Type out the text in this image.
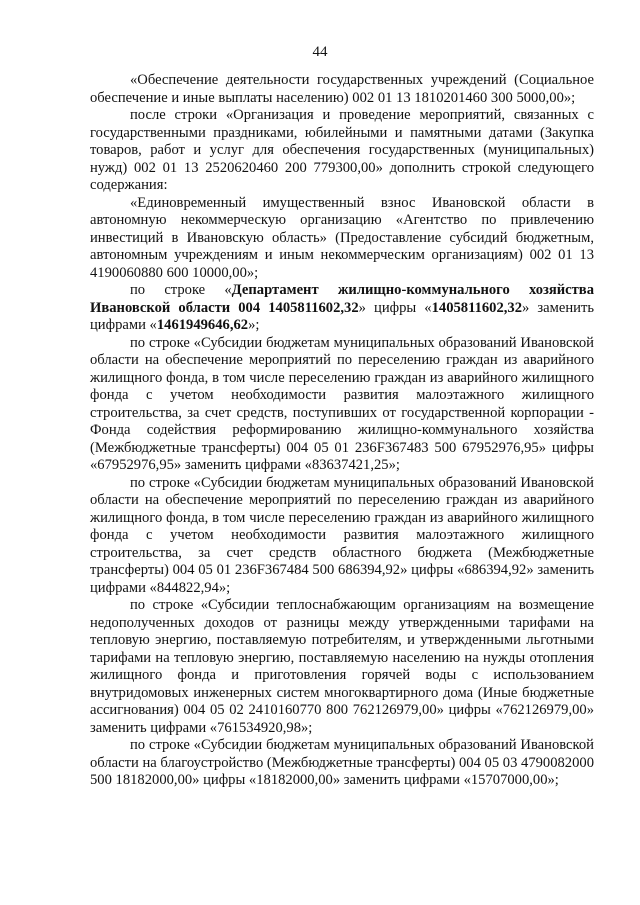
44

«Обеспечение деятельности государственных учреждений (Социальное обеспечение и иные выплаты населению) 002 01 13 1810201460 300 5000,00»;

после строки «Организация и проведение мероприятий, связанных с государственными праздниками, юбилейными и памятными датами (Закупка товаров, работ и услуг для обеспечения государственных (муниципальных) нужд) 002 01 13 2520620460 200 779300,00» дополнить строкой следующего содержания:

«Единовременный имущественный взнос Ивановской области в автономную некоммерческую организацию «Агентство по привлечению инвестиций в Ивановскую область» (Предоставление субсидий бюджетным, автономным учреждениям и иным некоммерческим организациям) 002 01 13 4190060880 600 10000,00»;

по строке «Департамент жилищно-коммунального хозяйства Ивановской области 004 1405811602,32» цифры «1405811602,32» заменить цифрами «1461949646,62»;

по строке «Субсидии бюджетам муниципальных образований Ивановской области на обеспечение мероприятий по переселению граждан из аварийного жилищного фонда, в том числе переселению граждан из аварийного жилищного фонда с учетом необходимости развития малоэтажного жилищного строительства, за счет средств, поступивших от государственной корпорации - Фонда содействия реформированию жилищно-коммунального хозяйства (Межбюджетные трансферты) 004 05 01 236F367483 500 67952976,95» цифры «67952976,95» заменить цифрами «83637421,25»;

по строке «Субсидии бюджетам муниципальных образований Ивановской области на обеспечение мероприятий по переселению граждан из аварийного жилищного фонда, в том числе переселению граждан из аварийного жилищного фонда с учетом необходимости развития малоэтажного жилищного строительства, за счет средств областного бюджета (Межбюджетные трансферты) 004 05 01 236F367484 500 686394,92» цифры «686394,92» заменить цифрами «844822,94»;

по строке «Субсидии теплоснабжающим организациям на возмещение недополученных доходов от разницы между утвержденными тарифами на тепловую энергию, поставляемую потребителям, и утвержденными льготными тарифами на тепловую энергию, поставляемую населению на нужды отопления жилищного фонда и приготовления горячей воды с использованием внутридомовых инженерных систем многоквартирного дома (Иные бюджетные ассигнования) 004 05 02 2410160770 800 762126979,00» цифры «762126979,00» заменить цифрами «761534920,98»;

по строке «Субсидии бюджетам муниципальных образований Ивановской области на благоустройство (Межбюджетные трансферты) 004 05 03 4790082000 500 18182000,00» цифры «18182000,00» заменить цифрами «15707000,00»;
